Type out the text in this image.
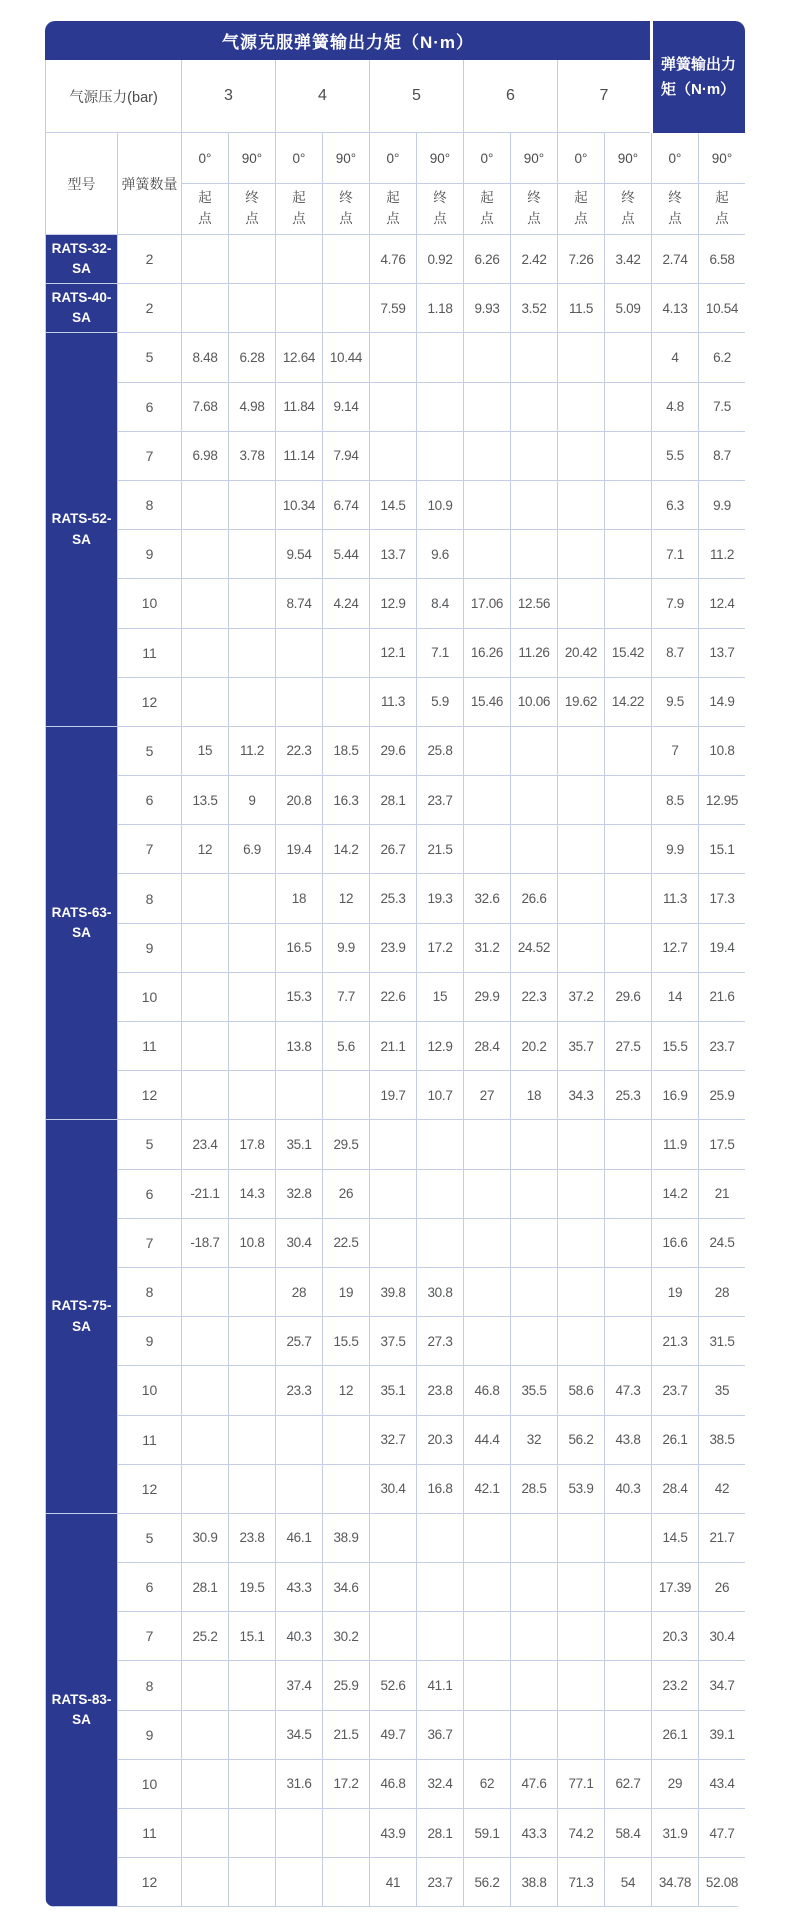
气源克服弹簧输出力矩（N·m）												弹簧输出力矩（N·m）	
气源压力(bar)		3		4		5		6		7			
型号	弹簧数量	0°	90°	0°	90°	0°	90°	0°	90°	0°	90°	0°	90°
		起点	终点	起点	终点	起点	终点	起点	终点	起点	终点	终点	起点
RATS-32-SA	2					4.76	0.92	6.26	2.42	7.26	3.42	2.74	6.58
RATS-40-SA	2					7.59	1.18	9.93	3.52	11.5	5.09	4.13	10.54
RATS-52-SA	5	8.48	6.28	12.64	10.44							4	6.2
	6	7.68	4.98	11.84	9.14							4.8	7.5
	7	6.98	3.78	11.14	7.94							5.5	8.7
	8			10.34	6.74	14.5	10.9					6.3	9.9
	9			9.54	5.44	13.7	9.6					7.1	11.2
	10			8.74	4.24	12.9	8.4	17.06	12.56			7.9	12.4
	11					12.1	7.1	16.26	11.26	20.42	15.42	8.7	13.7
	12					11.3	5.9	15.46	10.06	19.62	14.22	9.5	14.9
RATS-63-SA	5	15	11.2	22.3	18.5	29.6	25.8					7	10.8
	6	13.5	9	20.8	16.3	28.1	23.7					8.5	12.95
	7	12	6.9	19.4	14.2	26.7	21.5					9.9	15.1
	8			18	12	25.3	19.3	32.6	26.6			11.3	17.3
	9			16.5	9.9	23.9	17.2	31.2	24.52			12.7	19.4
	10			15.3	7.7	22.6	15	29.9	22.3	37.2	29.6	14	21.6
	11			13.8	5.6	21.1	12.9	28.4	20.2	35.7	27.5	15.5	23.7
	12					19.7	10.7	27	18	34.3	25.3	16.9	25.9
RATS-75-SA	5	23.4	17.8	35.1	29.5							11.9	17.5
	6	-21.1	14.3	32.8	26							14.2	21
	7	-18.7	10.8	30.4	22.5							16.6	24.5
	8			28	19	39.8	30.8					19	28
	9			25.7	15.5	37.5	27.3					21.3	31.5
	10			23.3	12	35.1	23.8	46.8	35.5	58.6	47.3	23.7	35
	11					32.7	20.3	44.4	32	56.2	43.8	26.1	38.5
	12					30.4	16.8	42.1	28.5	53.9	40.3	28.4	42
RATS-83-SA	5	30.9	23.8	46.1	38.9							14.5	21.7
	6	28.1	19.5	43.3	34.6							17.39	26
	7	25.2	15.1	40.3	30.2							20.3	30.4
	8			37.4	25.9	52.6	41.1					23.2	34.7
	9			34.5	21.5	49.7	36.7					26.1	39.1
	10			31.6	17.2	46.8	32.4	62	47.6	77.1	62.7	29	43.4
	11					43.9	28.1	59.1	43.3	74.2	58.4	31.9	47.7
	12					41	23.7	56.2	38.8	71.3	54	34.78	52.08
